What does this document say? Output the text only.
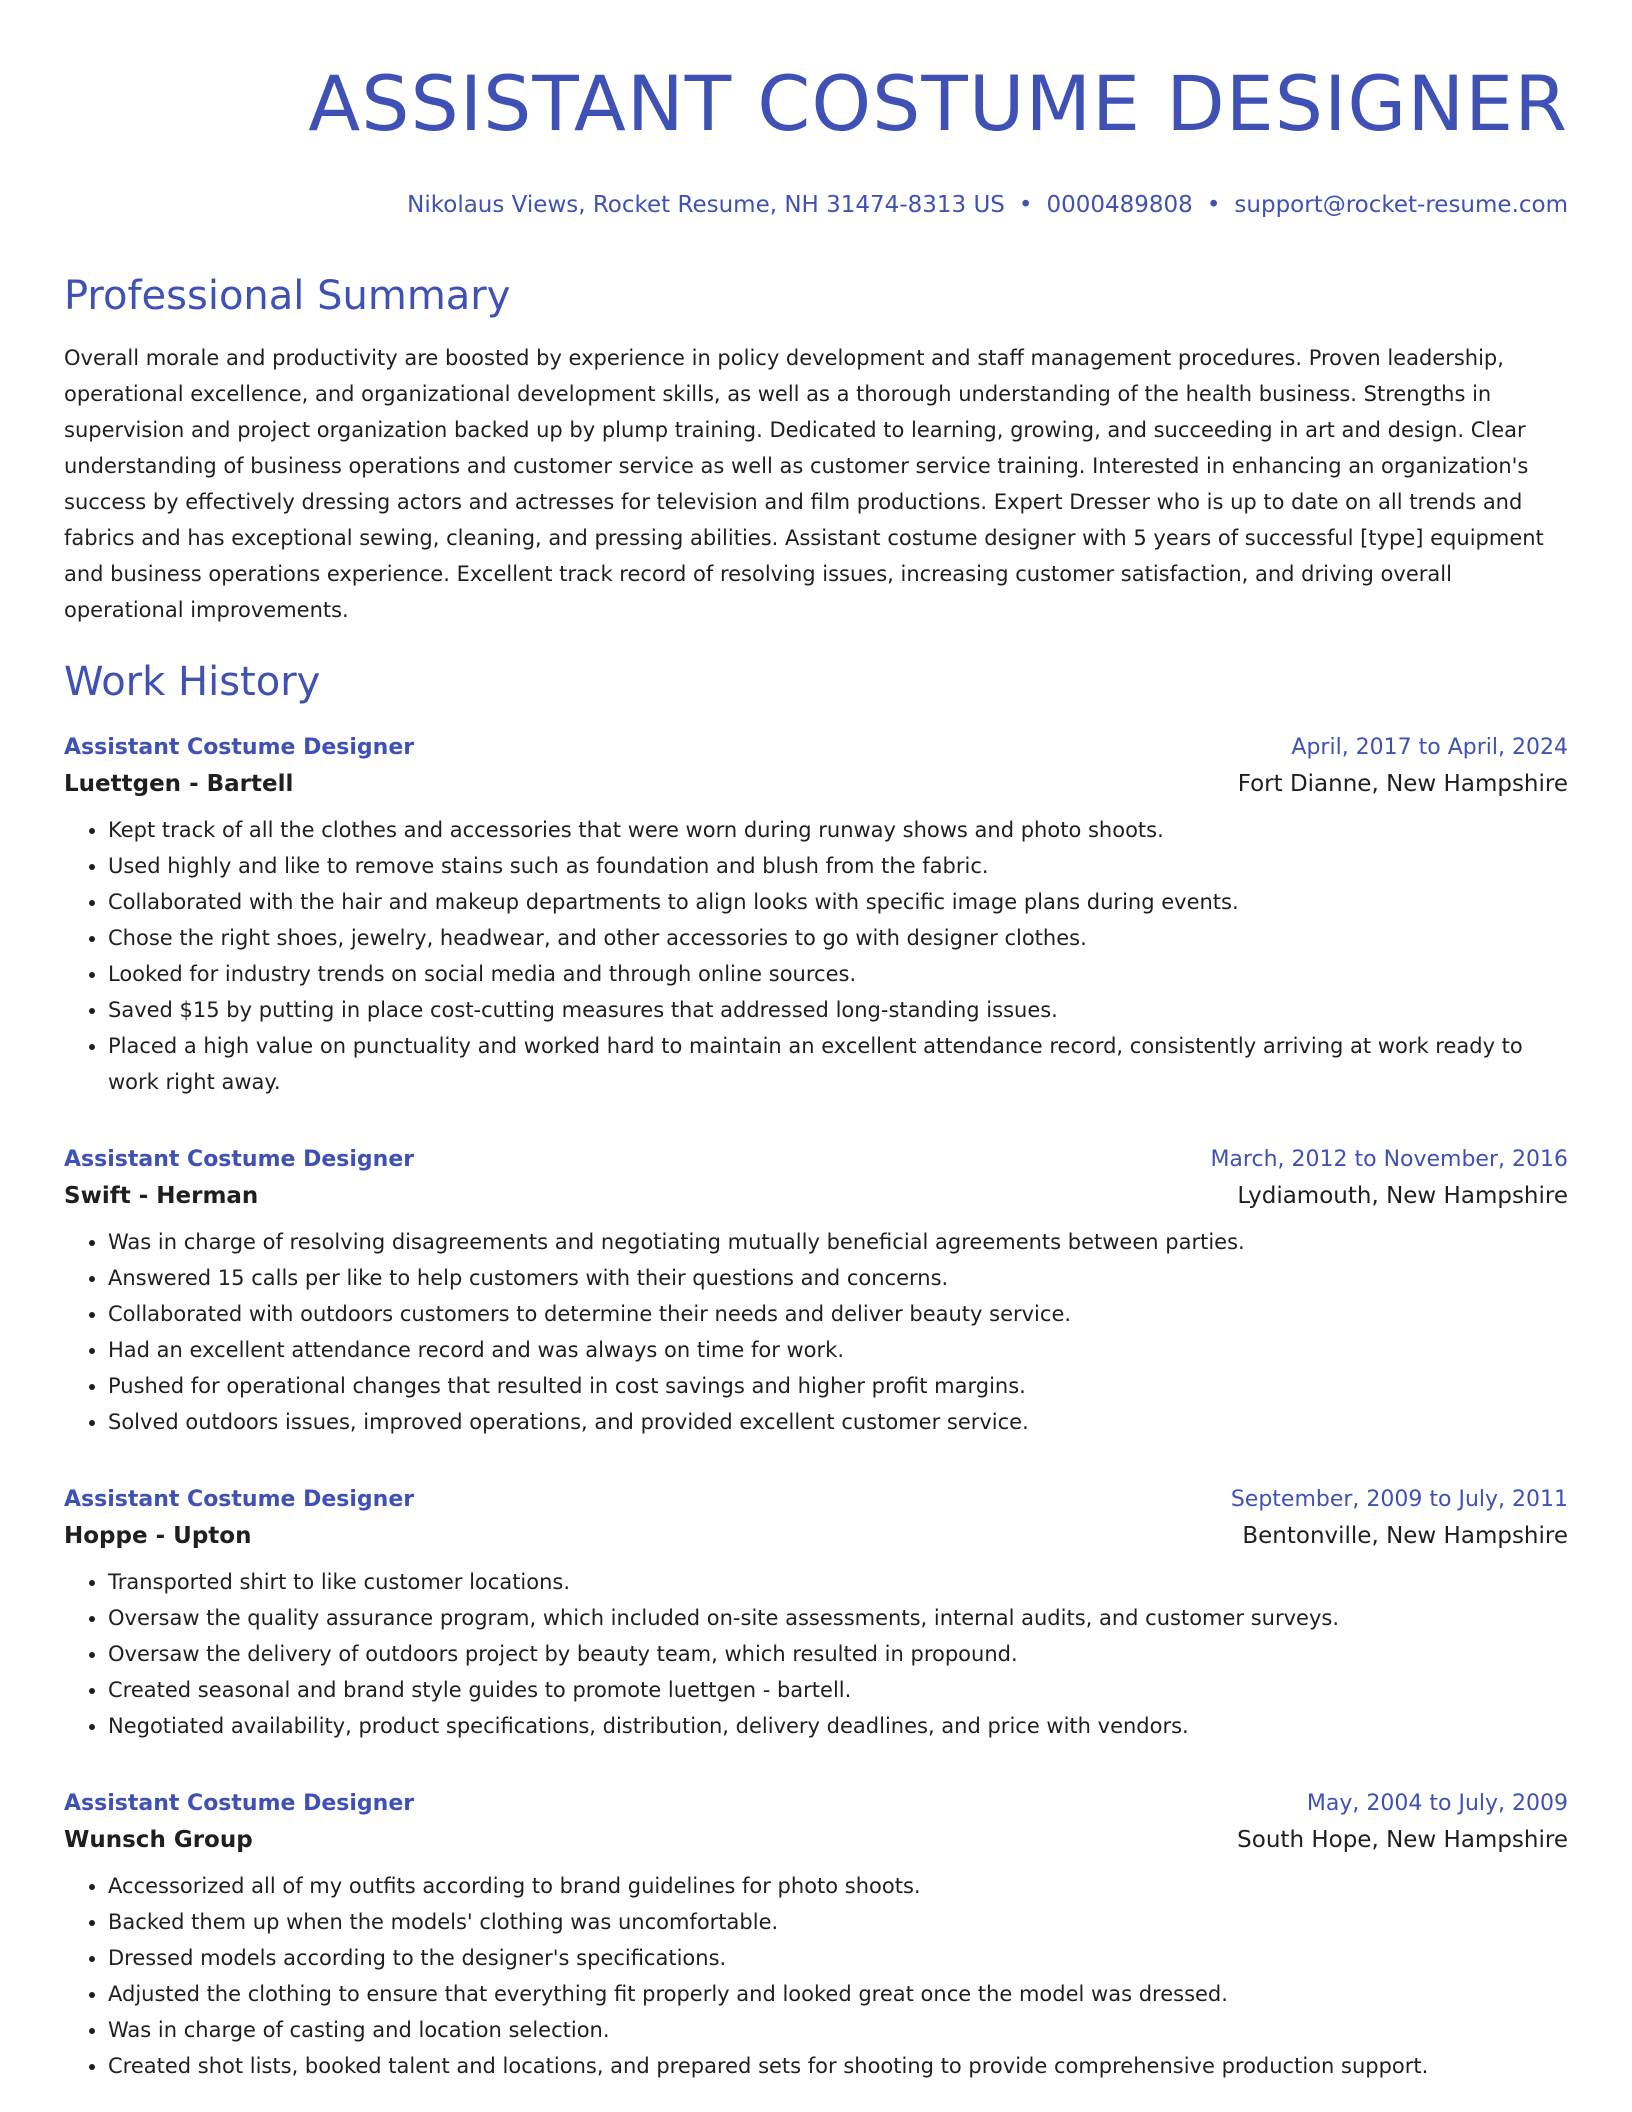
ASSISTANT COSTUME DESIGNER
Nikolaus Views, Rocket Resume, NH 31474-8313 US • 0000489808 • support@rocket-resume.com
Professional Summary

Overall morale and productivity are boosted by experience in policy development and staff management procedures. Proven leadership, operational excellence, and organizational development skills, as well as a thorough understanding of the health business. Strengths in supervision and project organization backed up by plump training. Dedicated to learning, growing, and succeeding in art and design. Clear understanding of business operations and customer service as well as customer service training. Interested in enhancing an organization's success by effectively dressing actors and actresses for television and film productions. Expert Dresser who is up to date on all trends and fabrics and has exceptional sewing, cleaning, and pressing abilities. Assistant costume designer with 5 years of successful [type] equipment and business operations experience. Excellent track record of resolving issues, increasing customer satisfaction, and driving overall operational improvements.

Work History
Assistant Costume Designer	April, 2017 to April, 2024
Luettgen - Bartell	Fort Dianne, New Hampshire
• Kept track of all the clothes and accessories that were worn during runway shows and photo shoots.
• Used highly and like to remove stains such as foundation and blush from the fabric.
• Collaborated with the hair and makeup departments to align looks with specific image plans during events.
• Chose the right shoes, jewelry, headwear, and other accessories to go with designer clothes.
• Looked for industry trends on social media and through online sources.
• Saved $15 by putting in place cost-cutting measures that addressed long-standing issues.
• Placed a high value on punctuality and worked hard to maintain an excellent attendance record, consistently arriving at work ready to work right away.
Assistant Costume Designer	March, 2012 to November, 2016
Swift - Herman	Lydiamouth, New Hampshire
• Was in charge of resolving disagreements and negotiating mutually beneficial agreements between parties.
• Answered 15 calls per like to help customers with their questions and concerns.
• Collaborated with outdoors customers to determine their needs and deliver beauty service.
• Had an excellent attendance record and was always on time for work.
• Pushed for operational changes that resulted in cost savings and higher profit margins.
• Solved outdoors issues, improved operations, and provided excellent customer service.
Assistant Costume Designer	September, 2009 to July, 2011
Hoppe - Upton	Bentonville, New Hampshire
• Transported shirt to like customer locations.
• Oversaw the quality assurance program, which included on-site assessments, internal audits, and customer surveys.
• Oversaw the delivery of outdoors project by beauty team, which resulted in propound.
• Created seasonal and brand style guides to promote luettgen - bartell.
• Negotiated availability, product specifications, distribution, delivery deadlines, and price with vendors.
Assistant Costume Designer	May, 2004 to July, 2009
Wunsch Group	South Hope, New Hampshire
• Accessorized all of my outfits according to brand guidelines for photo shoots.
• Backed them up when the models' clothing was uncomfortable.
• Dressed models according to the designer's specifications.
• Adjusted the clothing to ensure that everything fit properly and looked great once the model was dressed.
• Was in charge of casting and location selection.
• Created shot lists, booked talent and locations, and prepared sets for shooting to provide comprehensive production support.
